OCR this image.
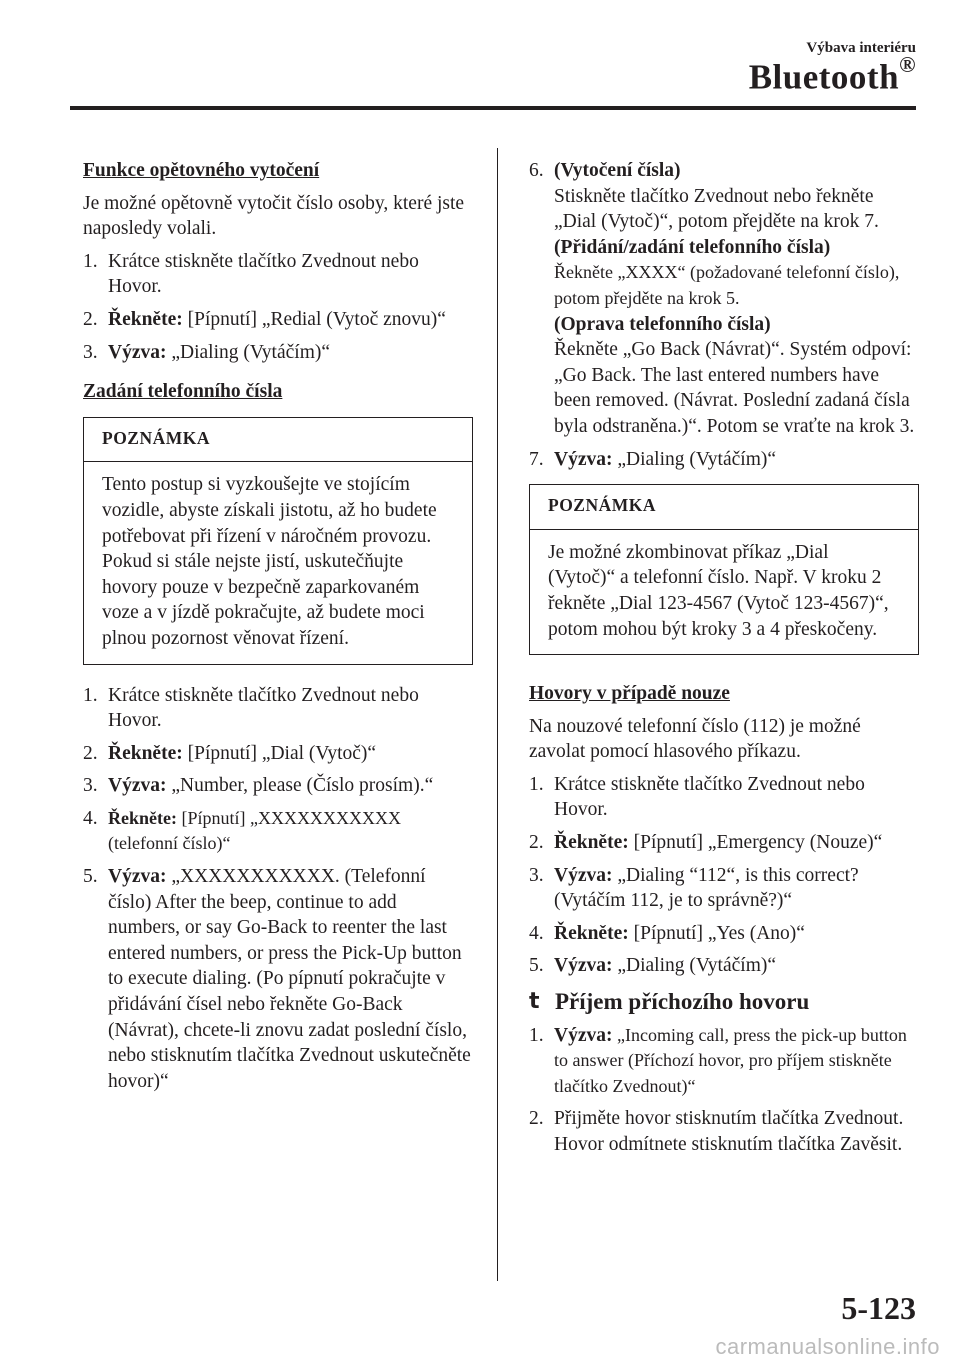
Výbava interiéru
Bluetooth®
Funkce opětovného vytočení
Je možné opětovně vytočit číslo osoby, které jste naposledy volali.
1. Krátce stiskněte tlačítko Zvednout nebo Hovor.
2. Řekněte: [Pípnutí] „Redial (Vytoč znovu)“
3. Výzva: „Dialing (Vytáčím)“
Zadání telefonního čísla
POZNÁMKA
Tento postup si vyzkoušejte ve stojícím vozidle, abyste získali jistotu, až ho budete potřebovat při řízení v náročném provozu. Pokud si stále nejste jistí, uskutečňujte hovory pouze v bezpečně zaparkovaném voze a v jízdě pokračujte, až budete moci plnou pozornost věnovat řízení.
1. Krátce stiskněte tlačítko Zvednout nebo Hovor.
2. Řekněte: [Pípnutí] „Dial (Vytoč)“
3. Výzva: „Number, please (Číslo prosím).“
4. Řekněte: [Pípnutí] „XXXXXXXXXXX (telefonní číslo)“
5. Výzva: „XXXXXXXXXXX. (Telefonní číslo) After the beep, continue to add numbers, or say Go-Back to reenter the last entered numbers, or press the Pick-Up button to execute dialing. (Po pípnutí pokračujte v přidávání čísel nebo řekněte Go-Back (Návrat), chcete-li znovu zadat poslední číslo, nebo stisknutím tlačítka Zvednout uskutečněte hovor)“
6. (Vytočení čísla)
Stiskněte tlačítko Zvednout nebo řekněte „Dial (Vytoč)“, potom přejděte na krok 7.
(Přidání/zadání telefonního čísla)
Řekněte „XXXX“ (požadované telefonní číslo), potom přejděte na krok 5.
(Oprava telefonního čísla)
Řekněte „Go Back (Návrat)“. Systém odpoví: „Go Back. The last entered numbers have been removed. (Návrat. Poslední zadaná čísla byla odstraněna.)“. Potom se vraťte na krok 3.
7. Výzva: „Dialing (Vytáčím)“
POZNÁMKA
Je možné zkombinovat příkaz „Dial (Vytoč)“ a telefonní číslo. Např. V kroku 2 řekněte „Dial 123-4567 (Vytoč 123-4567)“, potom mohou být kroky 3 a 4 přeskočeny.
Hovory v případě nouze
Na nouzové telefonní číslo (112) je možné zavolat pomocí hlasového příkazu.
1. Krátce stiskněte tlačítko Zvednout nebo Hovor.
2. Řekněte: [Pípnutí] „Emergency (Nouze)“
3. Výzva: „Dialing “112“, is this correct? (Vytáčím 112, je to správně?)“
4. Řekněte: [Pípnutí] „Yes (Ano)“
5. Výzva: „Dialing (Vytáčím)“
t Příjem příchozího hovoru
1. Výzva: „Incoming call, press the pick-up button to answer (Příchozí hovor, pro příjem stiskněte tlačítko Zvednout)“
2. Přijměte hovor stisknutím tlačítka Zvednout.
Hovor odmítnete stisknutím tlačítka Zavěsit.
5-123
carmanualsonline.info
